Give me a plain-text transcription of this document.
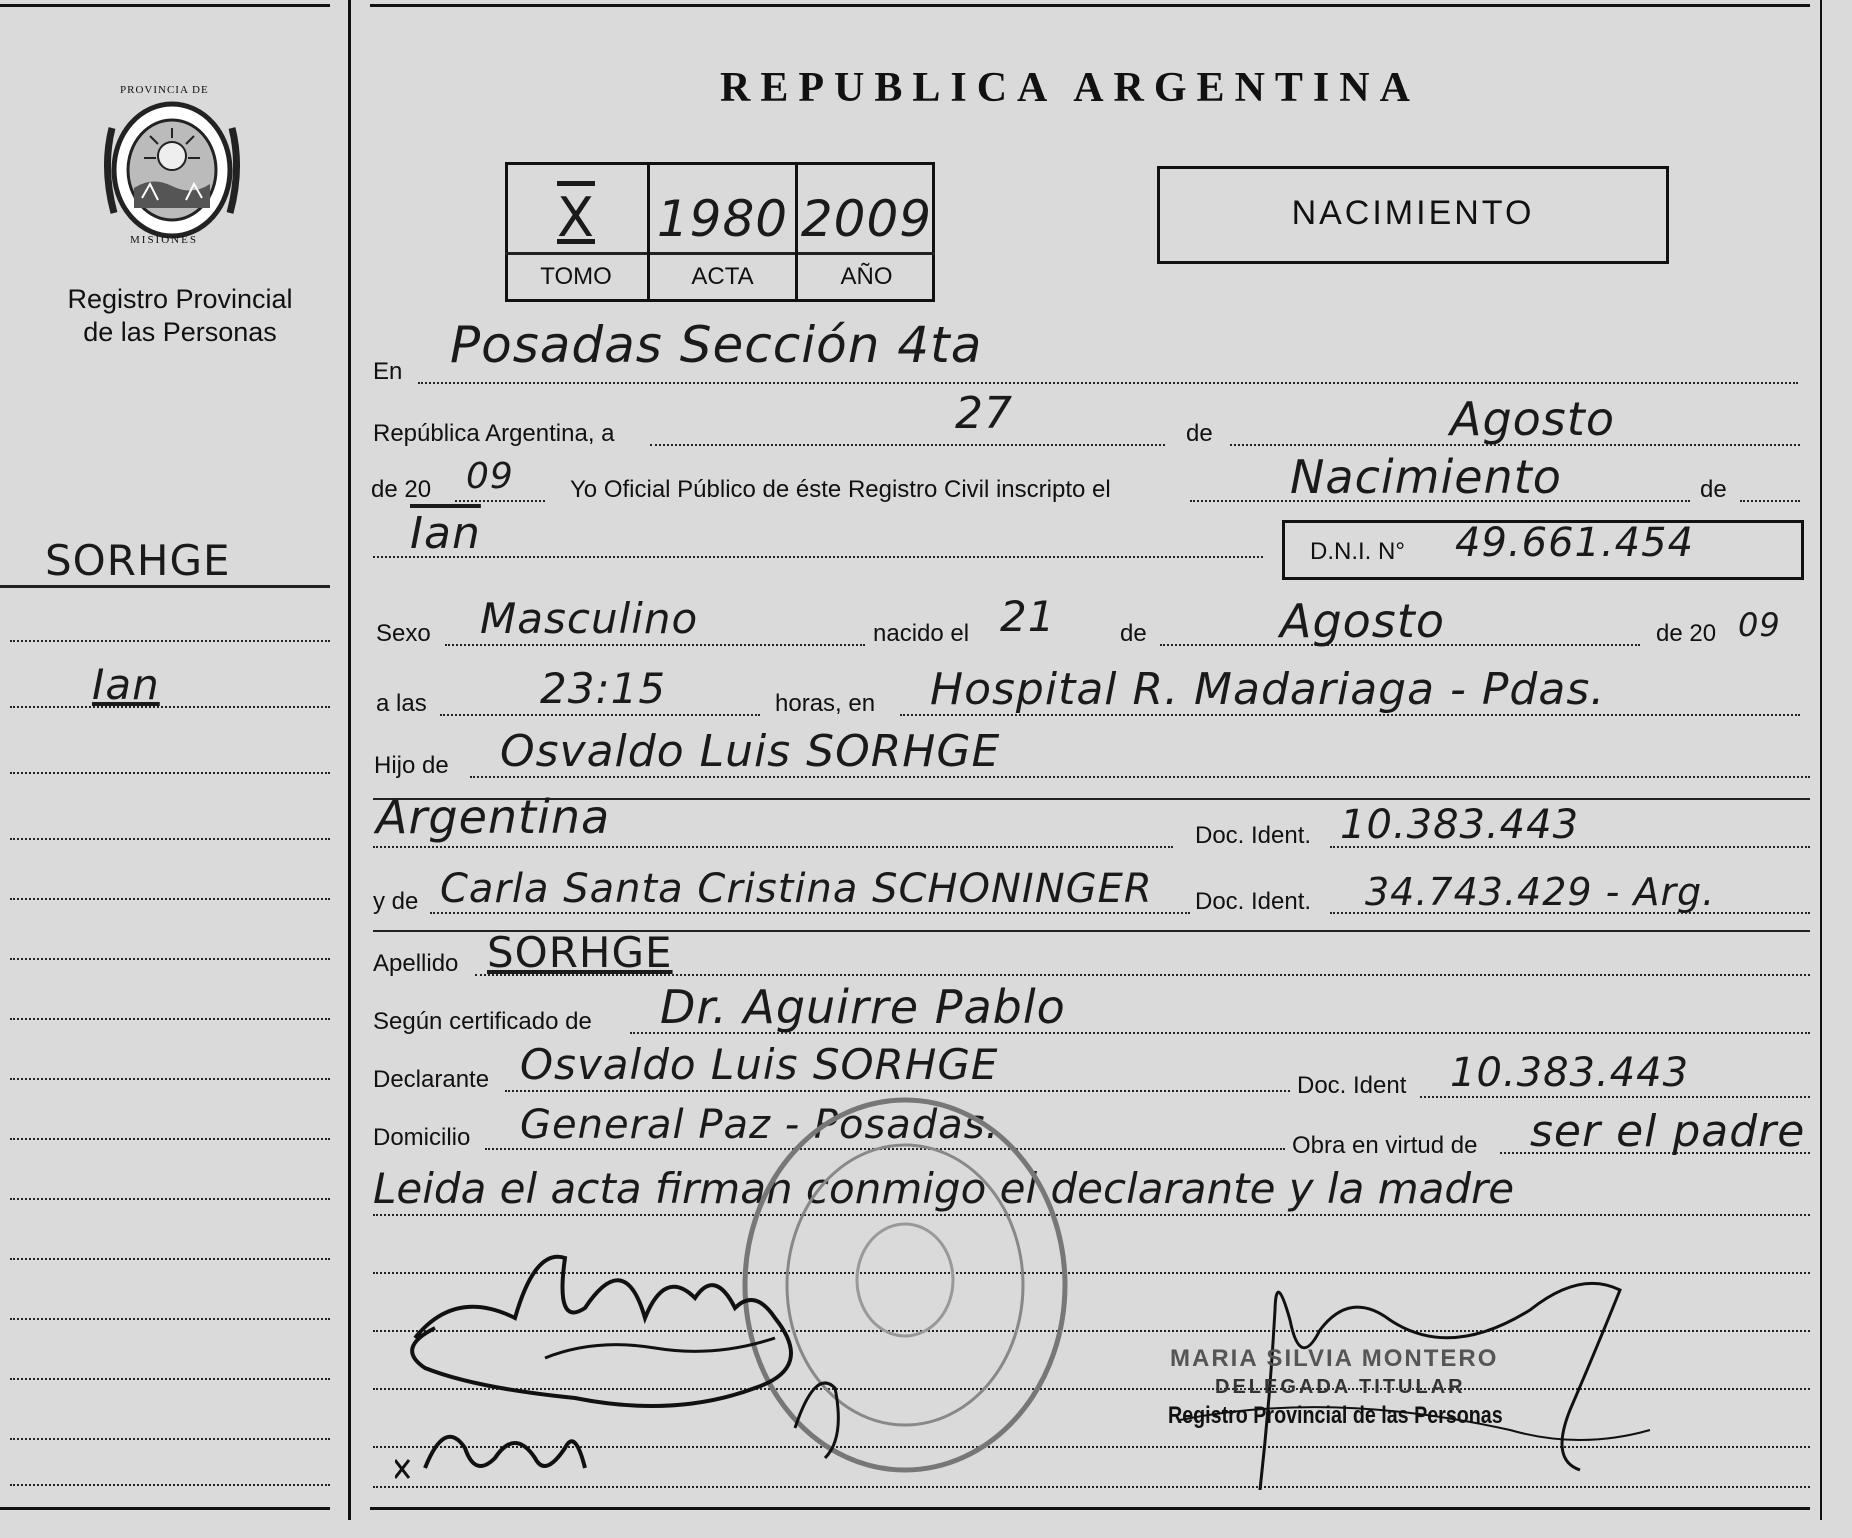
PROVINCIA DE
MISIONES
Registro Provincial
de las Personas
SORHGE
Ian
REPUBLICA ARGENTINA
X	1980 2009
TOMO	ACTA	AÑO
NACIMIENTO
En Posadas Sección 4ta
República Argentina, a	27	de	Agosto
de 20 09 Yo Oficial Público de éste Registro Civil inscripto el	Nacimiento	de
$\overline{Ian}$	D.N.I. N° 49.661.454
Sexo Masculino	nacido el 21	de	Agosto	de 20 09
a las	23:15	horas, en Hospital R. Madariaga - Pdas.
Hijo de Osvaldo Luis SORHGE
Argentina	Doc. Ident. 10.383.443
y de Carla Santa Cristina SCHONINGER Doc. Ident. 34.743.429 - Arg.
Apellido SORHGE
Según certificado de Dr. Aguirre Pablo
Declarante Osvaldo Luis SORHGE	Doc. Ident 10.383.443
Domicilio General Paz - Posadas.	Obra en virtud de ser el padre
Leida el acta firman conmigo el declarante y la madre
MARIA SILVIA MONTERO
DELEGADA TITULAR
Registro Provincial de las Personas
